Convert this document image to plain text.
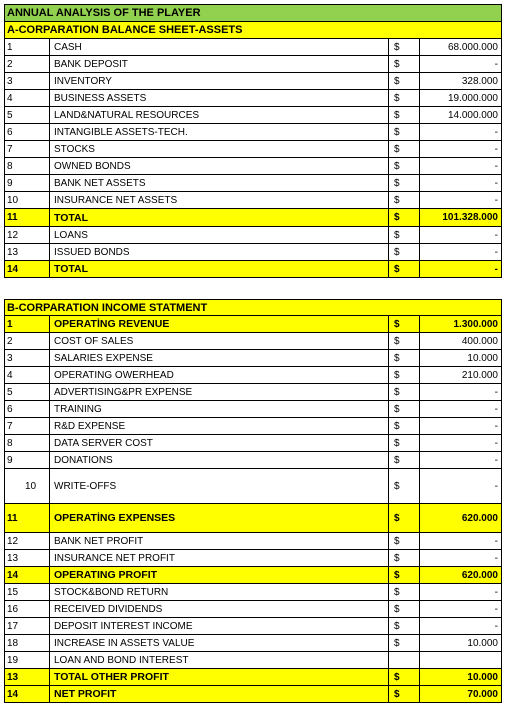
ANNUAL ANALYSIS OF THE PLAYER
A-CORPARATION BALANCE SHEET-ASSETS
1	CASH	$	68.000.000
2	BANK DEPOSIT	$	-
3	INVENTORY	$	328.000
4	BUSINESS ASSETS	$	19.000.000
5	LAND&NATURAL RESOURCES	$	14.000.000
6	INTANGIBLE ASSETS-TECH.	$	-
7	STOCKS	$	-
8	OWNED BONDS	$	-
9	BANK NET ASSETS	$	-
10	INSURANCE NET ASSETS	$	-
11	TOTAL	$	101.328.000
12	LOANS	$	-
13	ISSUED BONDS	$	-
14	TOTAL	$	-
B-CORPARATION INCOME STATMENT
1	OPERATİNG REVENUE	$	1.300.000
2	COST OF SALES	$	400.000
3	SALARIES EXPENSE	$	10.000
4	OPERATING OWERHEAD	$	210.000
5	ADVERTISING&PR EXPENSE	$	-
6	TRAINING	$	-
7	R&D EXPENSE	$	-
8	DATA SERVER COST	$	-
9	DONATIONS	$	-
10	WRITE-OFFS	$	-
11	OPERATİNG EXPENSES	$	620.000
12	BANK NET PROFIT	$	-
13	INSURANCE NET PROFIT	$	-
14	OPERATING PROFIT	$	620.000
15	STOCK&BOND RETURN	$	-
16	RECEIVED DIVIDENDS	$	-
17	DEPOSIT INTEREST INCOME	$	-
18	INCREASE IN ASSETS VALUE	$	10.000
19	LOAN AND BOND INTEREST
13	TOTAL OTHER PROFIT	$	10.000
14	NET PROFIT	$	70.000
